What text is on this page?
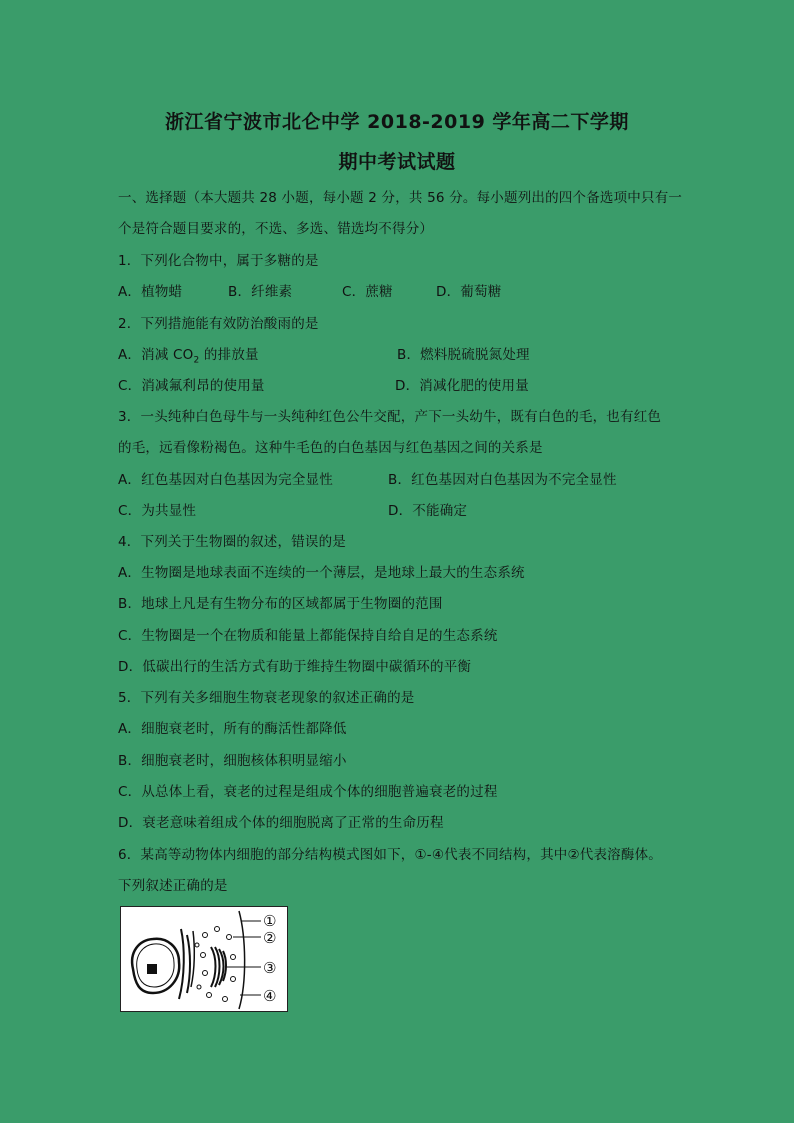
浙江省宁波市北仑中学 2018-2019 学年高二下学期
期中考试试题
一、选择题（本大题共 28 小题，每小题 2 分，共 56 分。每小题列出的四个备选项中只有一
个是符合题目要求的，不选、多选、错选均不得分）
1．下列化合物中，属于多糖的是
A．植物蜡	B．纤维素	C．蔗糖	D．葡萄糖
2．下列措施能有效防治酸雨的是
A．消减 $CO_2$ 的排放量	B．燃料脱硫脱氮处理
C．消减氟利昂的使用量	D．消减化肥的使用量
3．一头纯种白色母牛与一头纯种红色公牛交配，产下一头幼牛，既有白色的毛，也有红色
的毛，远看像粉褐色。这种牛毛色的白色基因与红色基因之间的关系是
A．红色基因对白色基因为完全显性	B．红色基因对白色基因为不完全显性
C．为共显性	D．不能确定
4．下列关于生物圈的叙述，错误的是
A．生物圈是地球表面不连续的一个薄层，是地球上最大的生态系统
B．地球上凡是有生物分布的区域都属于生物圈的范围
C．生物圈是一个在物质和能量上都能保持自给自足的生态系统
D．低碳出行的生活方式有助于维持生物圈中碳循环的平衡
5．下列有关多细胞生物衰老现象的叙述正确的是
A．细胞衰老时，所有的酶活性都降低
B．细胞衰老时，细胞核体积明显缩小
C．从总体上看，衰老的过程是组成个体的细胞普遍衰老的过程
D．衰老意味着组成个体的细胞脱离了正常的生命历程
6．某高等动物体内细胞的部分结构模式图如下，①-④代表不同结构，其中②代表溶酶体。
下列叙述正确的是
①
②
③
④
